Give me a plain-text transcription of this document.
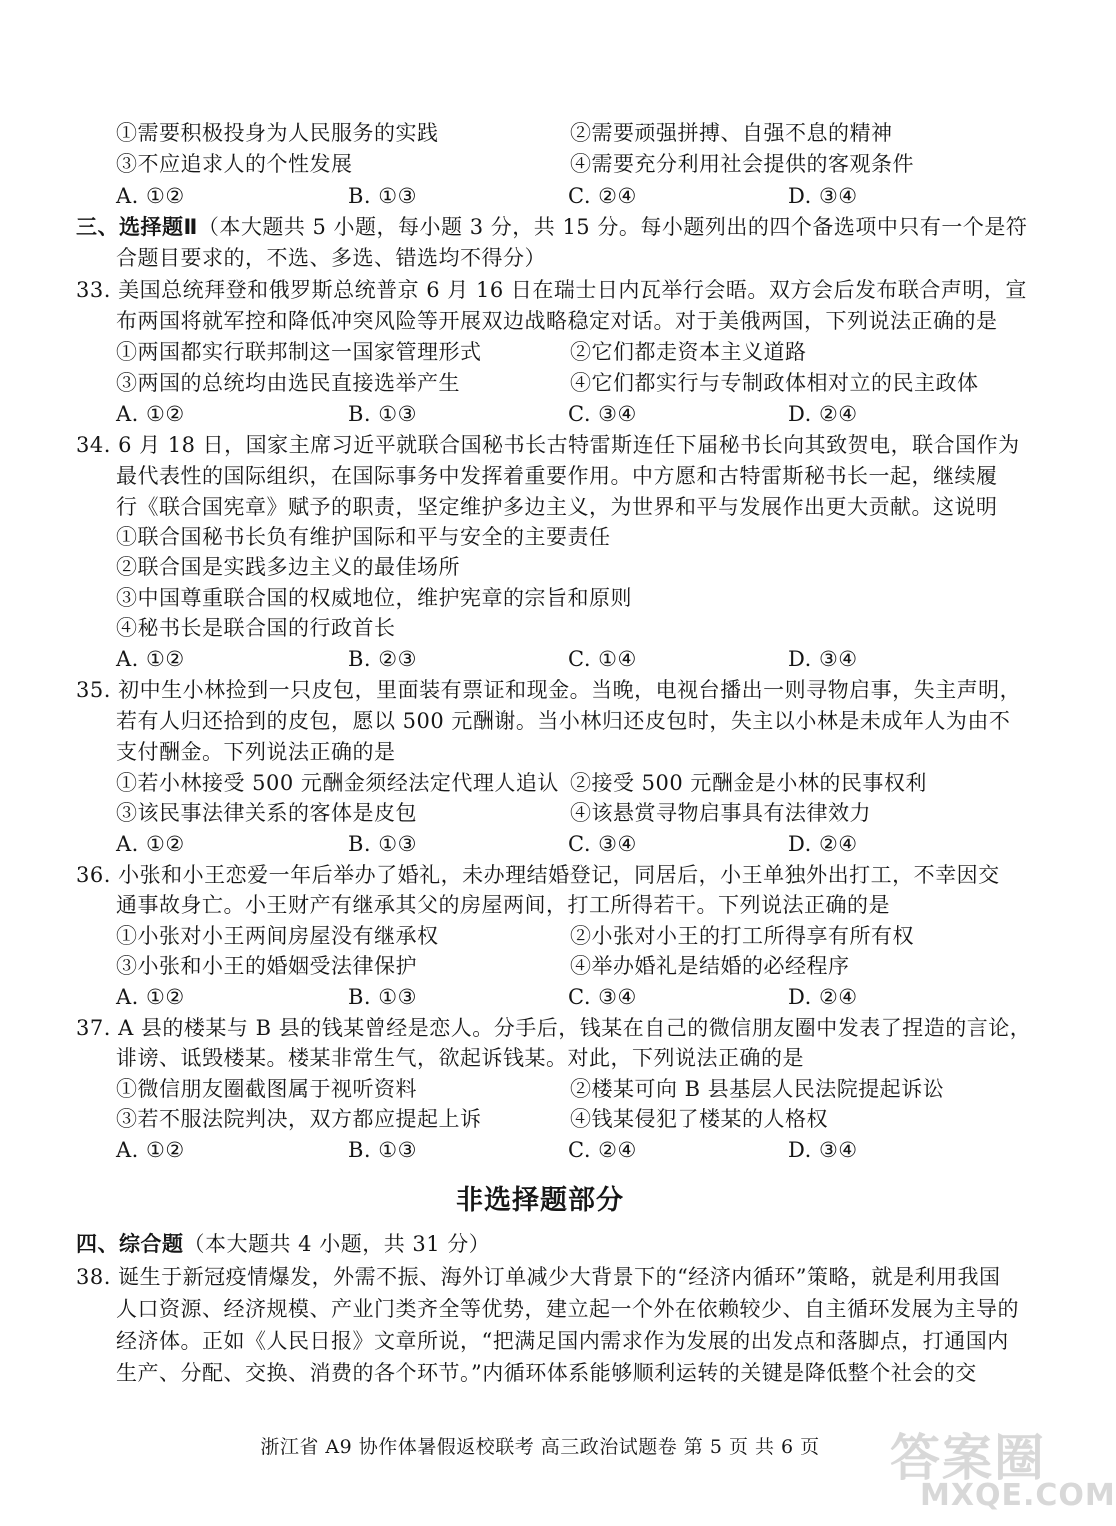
①需要积极投身为人民服务的实践	②需要顽强拼搏、自强不息的精神
③不应追求人的个性发展	④需要充分利用社会提供的客观条件
A. ①②	B. ①③	C. ②④	D. ③④
三、选择题Ⅱ（本大题共 5 小题，每小题 3 分，共 15 分。每小题列出的四个备选项中只有一个是符
合题目要求的，不选、多选、错选均不得分）
33. 美国总统拜登和俄罗斯总统普京 6 月 16 日在瑞士日内瓦举行会晤。双方会后发布联合声明，宣
布两国将就军控和降低冲突风险等开展双边战略稳定对话。对于美俄两国，下列说法正确的是
①两国都实行联邦制这一国家管理形式	②它们都走资本主义道路
③两国的总统均由选民直接选举产生	④它们都实行与专制政体相对立的民主政体
A. ①②	B. ①③	C. ③④	D. ②④
34. 6 月 18 日，国家主席习近平就联合国秘书长古特雷斯连任下届秘书长向其致贺电，联合国作为
最代表性的国际组织，在国际事务中发挥着重要作用。中方愿和古特雷斯秘书长一起，继续履
行《联合国宪章》赋予的职责，坚定维护多边主义，为世界和平与发展作出更大贡献。这说明
①联合国秘书长负有维护国际和平与安全的主要责任
②联合国是实践多边主义的最佳场所
③中国尊重联合国的权威地位，维护宪章的宗旨和原则
④秘书长是联合国的行政首长
A. ①②	B. ②③	C. ①④	D. ③④
35. 初中生小林捡到一只皮包，里面装有票证和现金。当晚，电视台播出一则寻物启事，失主声明，
若有人归还拾到的皮包，愿以 500 元酬谢。当小林归还皮包时，失主以小林是未成年人为由不
支付酬金。下列说法正确的是
①若小林接受 500 元酬金须经法定代理人追认 ②接受 500 元酬金是小林的民事权利
③该民事法律关系的客体是皮包	④该悬赏寻物启事具有法律效力
A. ①②	B. ①③	C. ③④	D. ②④
36. 小张和小王恋爱一年后举办了婚礼，未办理结婚登记，同居后，小王单独外出打工，不幸因交
通事故身亡。小王财产有继承其父的房屋两间，打工所得若干。下列说法正确的是
①小张对小王两间房屋没有继承权	②小张对小王的打工所得享有所有权
③小张和小王的婚姻受法律保护	④举办婚礼是结婚的必经程序
A. ①②	B. ①③	C. ③④	D. ②④
37. A 县的楼某与 B 县的钱某曾经是恋人。分手后，钱某在自己的微信朋友圈中发表了捏造的言论，
诽谤、诋毁楼某。楼某非常生气，欲起诉钱某。对此，下列说法正确的是
①微信朋友圈截图属于视听资料	②楼某可向 B 县基层人民法院提起诉讼
③若不服法院判决，双方都应提起上诉	④钱某侵犯了楼某的人格权
A. ①②	B. ①③	C. ②④	D. ③④
非选择题部分
四、综合题（本大题共 4 小题，共 31 分）
38. 诞生于新冠疫情爆发，外需不振、海外订单减少大背景下的“经济内循环”策略，就是利用我国
人口资源、经济规模、产业门类齐全等优势，建立起一个外在依赖较少、自主循环发展为主导的
经济体。正如《人民日报》文章所说，“把满足国内需求作为发展的出发点和落脚点，打通国内
生产、分配、交换、消费的各个环节。”内循环体系能够顺利运转的关键是降低整个社会的交
浙江省 A9 协作体暑假返校联考 高三政治试题卷 第 5 页 共 6 页	答案圈
MXQE.COM
